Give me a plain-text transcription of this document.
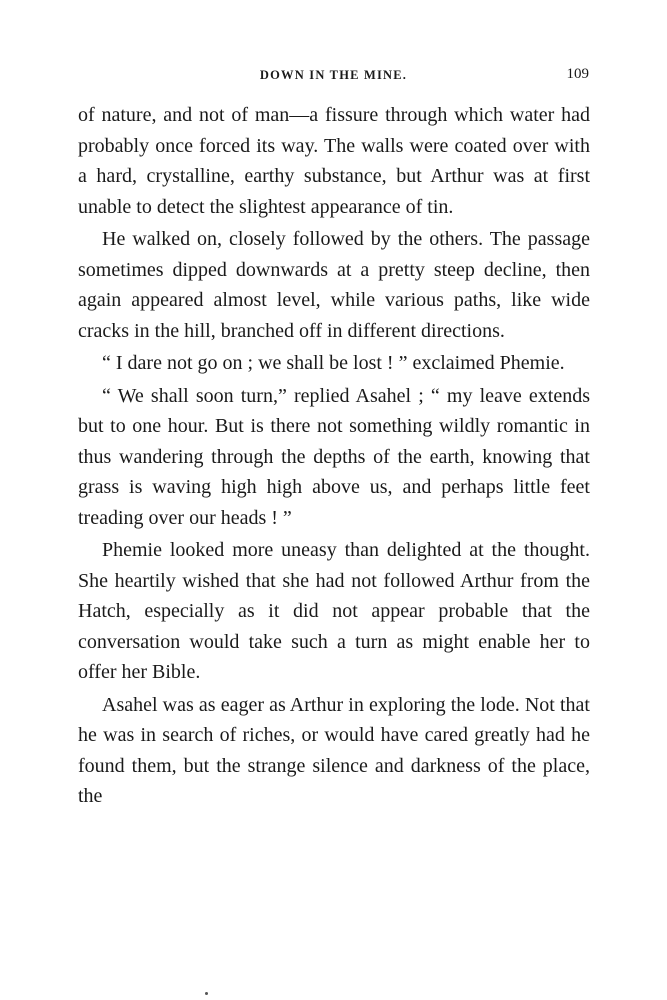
DOWN IN THE MINE.	109

of nature, and not of man—a fissure through which water had probably once forced its way. The walls were coated over with a hard, crystalline, earthy substance, but Arthur was at first unable to detect the slightest appearance of tin.

He walked on, closely followed by the others. The passage sometimes dipped downwards at a pretty steep decline, then again appeared almost level, while various paths, like wide cracks in the hill, branched off in different directions.

“ I dare not go on ; we shall be lost ! ” exclaimed Phemie.

“ We shall soon turn,” replied Asahel ; “ my leave extends but to one hour. But is there not something wildly romantic in thus wandering through the depths of the earth, knowing that grass is waving high high above us, and perhaps little feet treading over our heads ! ”

Phemie looked more uneasy than delighted at the thought. She heartily wished that she had not followed Arthur from the Hatch, especially as it did not appear probable that the conversation would take such a turn as might enable her to offer her Bible.

Asahel was as eager as Arthur in exploring the lode. Not that he was in search of riches, or would have cared greatly had he found them, but the strange silence and darkness of the place, the
